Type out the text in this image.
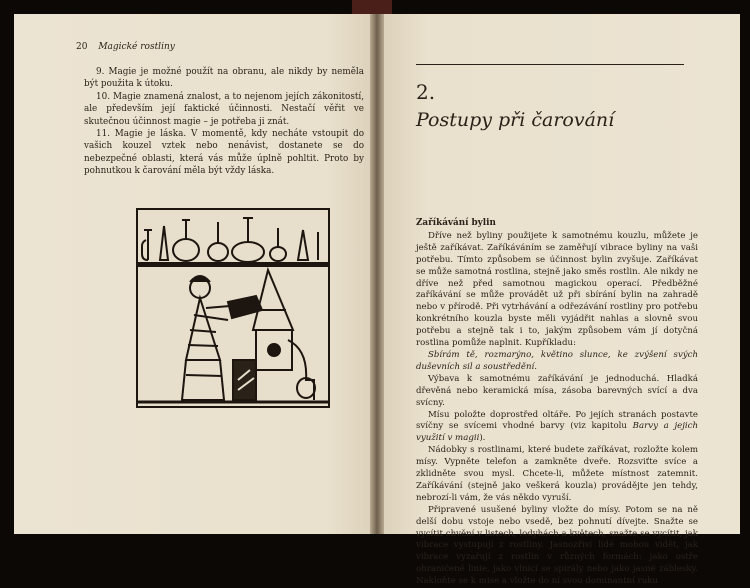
20 Magické rostliny

9. Magie je možné použít na obranu, ale nikdy by neměla být použita k útoku.

10. Magie znamená znalost, a to nejenom jejích zákonitostí, ale především její faktické účinnosti. Nestačí věřit ve skutečnou účinnost magie – je potřeba ji znát.

11. Magie je láska. V momentě, kdy necháte vstoupit do vašich kouzel vztek nebo nenávist, dostanete se do nebezpečné oblasti, která vás může úplně pohltit. Proto by pohnutkou k čarování měla být vždy láska.

2.
Postupy při čarování
Zaříkávání bylin

Dříve než byliny použijete k samotnému kouzlu, můžete je ještě zaříkávat. Zaříkáváním se zaměřují vibrace byliny na vaši potřebu. Tímto způsobem se účinnost bylin zvyšuje. Zaříkávat se může samotná rostlina, stejně jako směs rostlin. Ale nikdy ne dříve než před samotnou magickou operací. Předběžné zaříkávání se může provádět už při sbírání bylin na zahradě nebo v přírodě. Při vytrhávání a odřezávání rostliny pro potřebu konkrétního kouzla byste měli vyjádřit nahlas a slovně svou potřebu a stejně tak i to, jakým způsobem vám jí dotyčná rostlina pomůže naplnit. Kupříkladu:

Sbírám tě, rozmarýno, květino slunce, ke zvýšení svých duševních sil a soustředění.

Výbava k samotnému zaříkávání je jednoduchá. Hladká dřevěná nebo keramická mísa, zásoba barevných svící a dva svícny.

Mísu položte doprostřed oltáře. Po jejích stranách postavte svíčny se svícemi vhodné barvy (viz kapitolu Barvy a jejich využití v magii).

Nádobky s rostlinami, které budete zaříkávat, rozložte kolem mísy. Vypněte telefon a zamkněte dveře. Rozsviťte svíce a zklidněte svou mysl. Chcete-li, můžete místnost zatemnit. Zaříkávání (stejně jako veškerá kouzla) provádějte jen tehdy, nebrozí-li vám, že vás někdo vyruší.

Připravené usušené byliny vložte do mísy. Potom se na ně delší dobu vstoje nebo vsedě, bez pohnutí dívejte. Snažte se vycítit chvění v listech, lodyhách a květech, snažte se vycítit, jak vibrace vystupují z rostliny. Jasnozřiví lidé mohou vidět, jak vibrace vyzařují z rostlin v různých formách: jako ostře ohraničené linie, jako vlnící se spirály nebo jako jasné záblesky. Nakloňte se k mise a vložte do ní svou dominantní ruku
